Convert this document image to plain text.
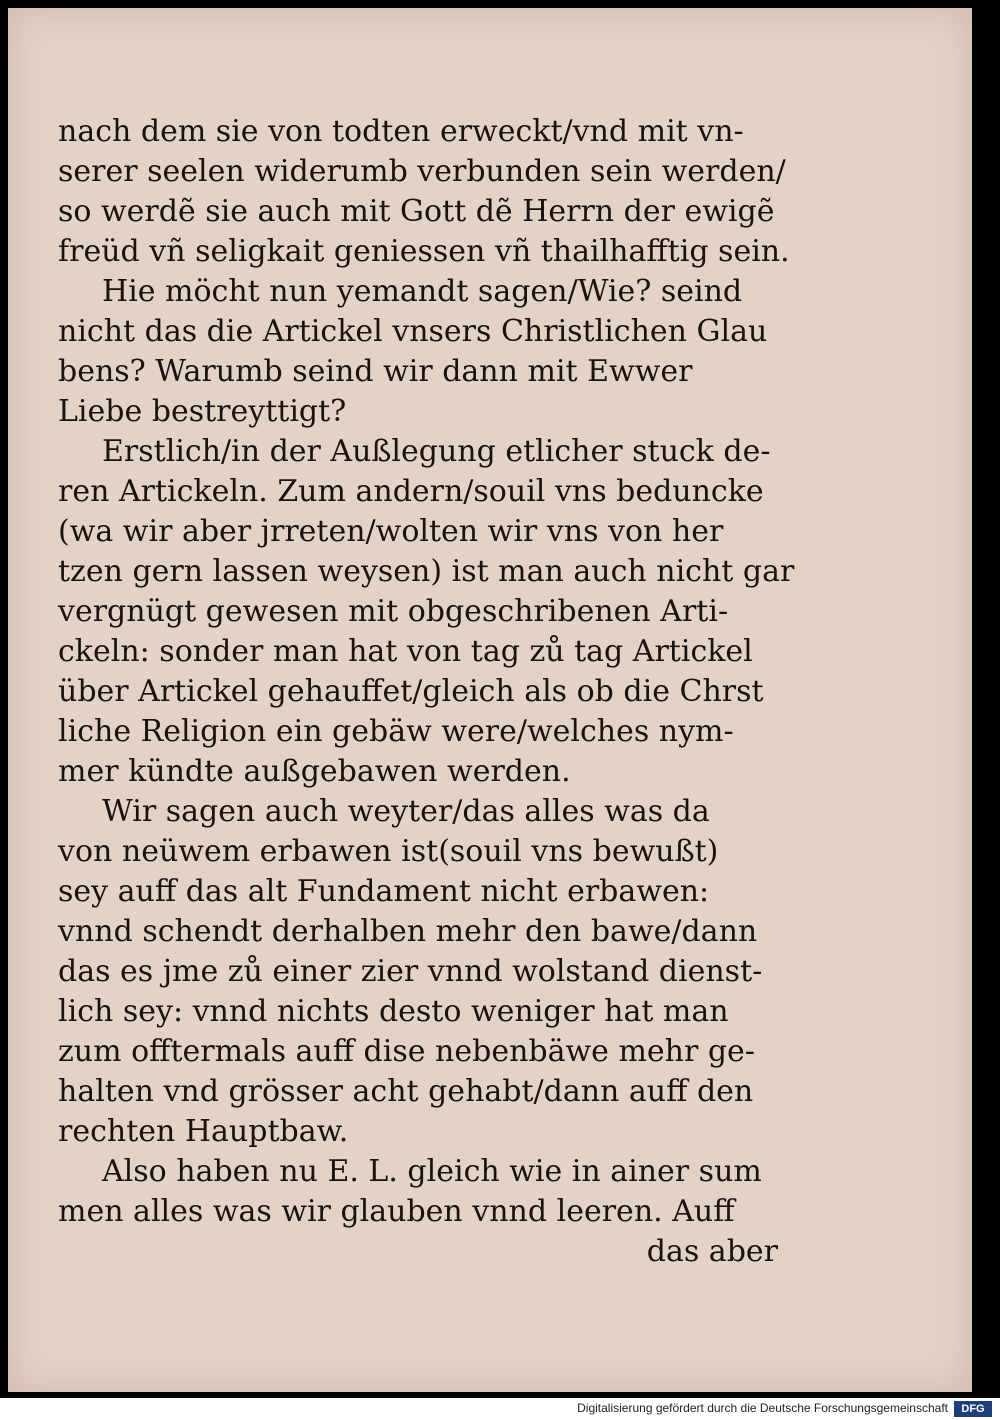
nach dem sie von todten erweckt/vnd mit vn-
serer seelen widerumb verbunden sein werden/
so werdẽ sie auch mit Gott dẽ Herrn der ewigẽ
freüd vñ seligkait geniessen vñ thailhafftig sein.
Hie möcht nun yemandt sagen/Wie? seind
nicht das die Artickel vnsers Christlichen Glau
bens? Warumb seind wir dann mit Ewwer
Liebe bestreyttigt?
Erstlich/in der Außlegung etlicher stuck de-
ren Artickeln. Zum andern/souil vns beduncke
(wa wir aber jrreten/wolten wir vns von her
tzen gern lassen weysen) ist man auch nicht gar
vergnügt gewesen mit obgeschribenen Arti-
ckeln: sonder man hat von tag zů tag Artickel
über Artickel gehauffet/gleich als ob die Chrst
liche Religion ein gebäw were/welches nym-
mer kündte außgebawen werden.
Wir sagen auch weyter/das alles was da
von neüwem erbawen ist(souil vns bewußt)
sey auff das alt Fundament nicht erbawen:
vnnd schendt derhalben mehr den bawe/dann
das es jme zů einer zier vnnd wolstand dienst-
lich sey: vnnd nichts desto weniger hat man
zum offtermals auff dise nebenbäwe mehr ge-
halten vnd grösser acht gehabt/dann auff den
rechten Hauptbaw.
Also haben nu E. L. gleich wie in ainer sum
men alles was wir glauben vnnd leeren. Auff
das aber
Digitalisierung gefördert durch die Deutsche Forschungsgemeinschaft	DFG
